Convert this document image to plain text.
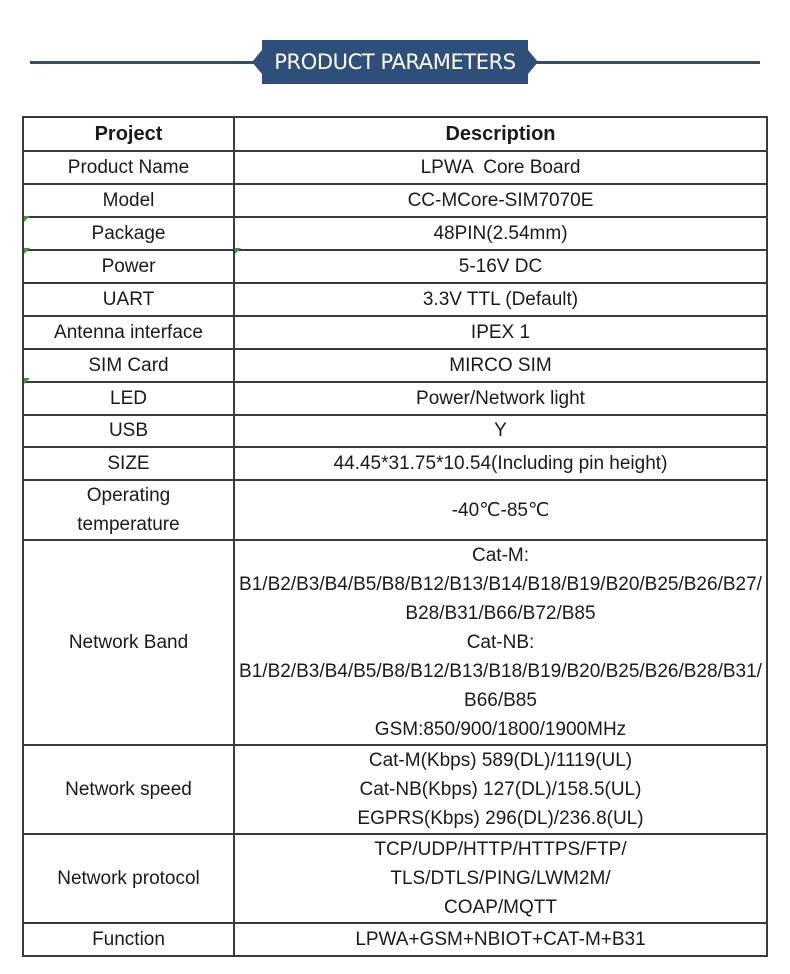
PRODUCT PARAMETERS
Project	Description
Product Name	LPWA  Core Board
Model	CC-MCore-SIM7070E
Package	48PIN(2.54mm)
Power	5-16V DC
UART	3.3V TTL (Default)
Antenna interface	IPEX 1
SIM Card	MIRCO SIM
LED	Power/Network light
USB	Y
SIZE	44.45*31.75*10.54(Including pin height)

Operating
temperature	-40℃-85℃
Network Band	Cat-M:
B1/B2/B3/B4/B5/B8/B12/B13/B14/B18/B19/B20/B25/B26/B27/B28/B31/B66/B72/B85
Cat-NB:
B1/B2/B3/B4/B5/B8/B12/B13/B18/B19/B20/B25/B26/B28/B31/B66/B85
GSM:850/900/1800/1900MHz

Network speed	Cat-M(Kbps) 589(DL)/1119(UL)
Cat-NB(Kbps) 127(DL)/158.5(UL)
EGPRS(Kbps) 296(DL)/236.8(UL)

Network protocol	TCP/UDP/HTTP/HTTPS/FTP/
TLS/DTLS/PING/LWM2M/
COAP/MQTT

Function	LPWA+GSM+NBIOT+CAT-M+B31
